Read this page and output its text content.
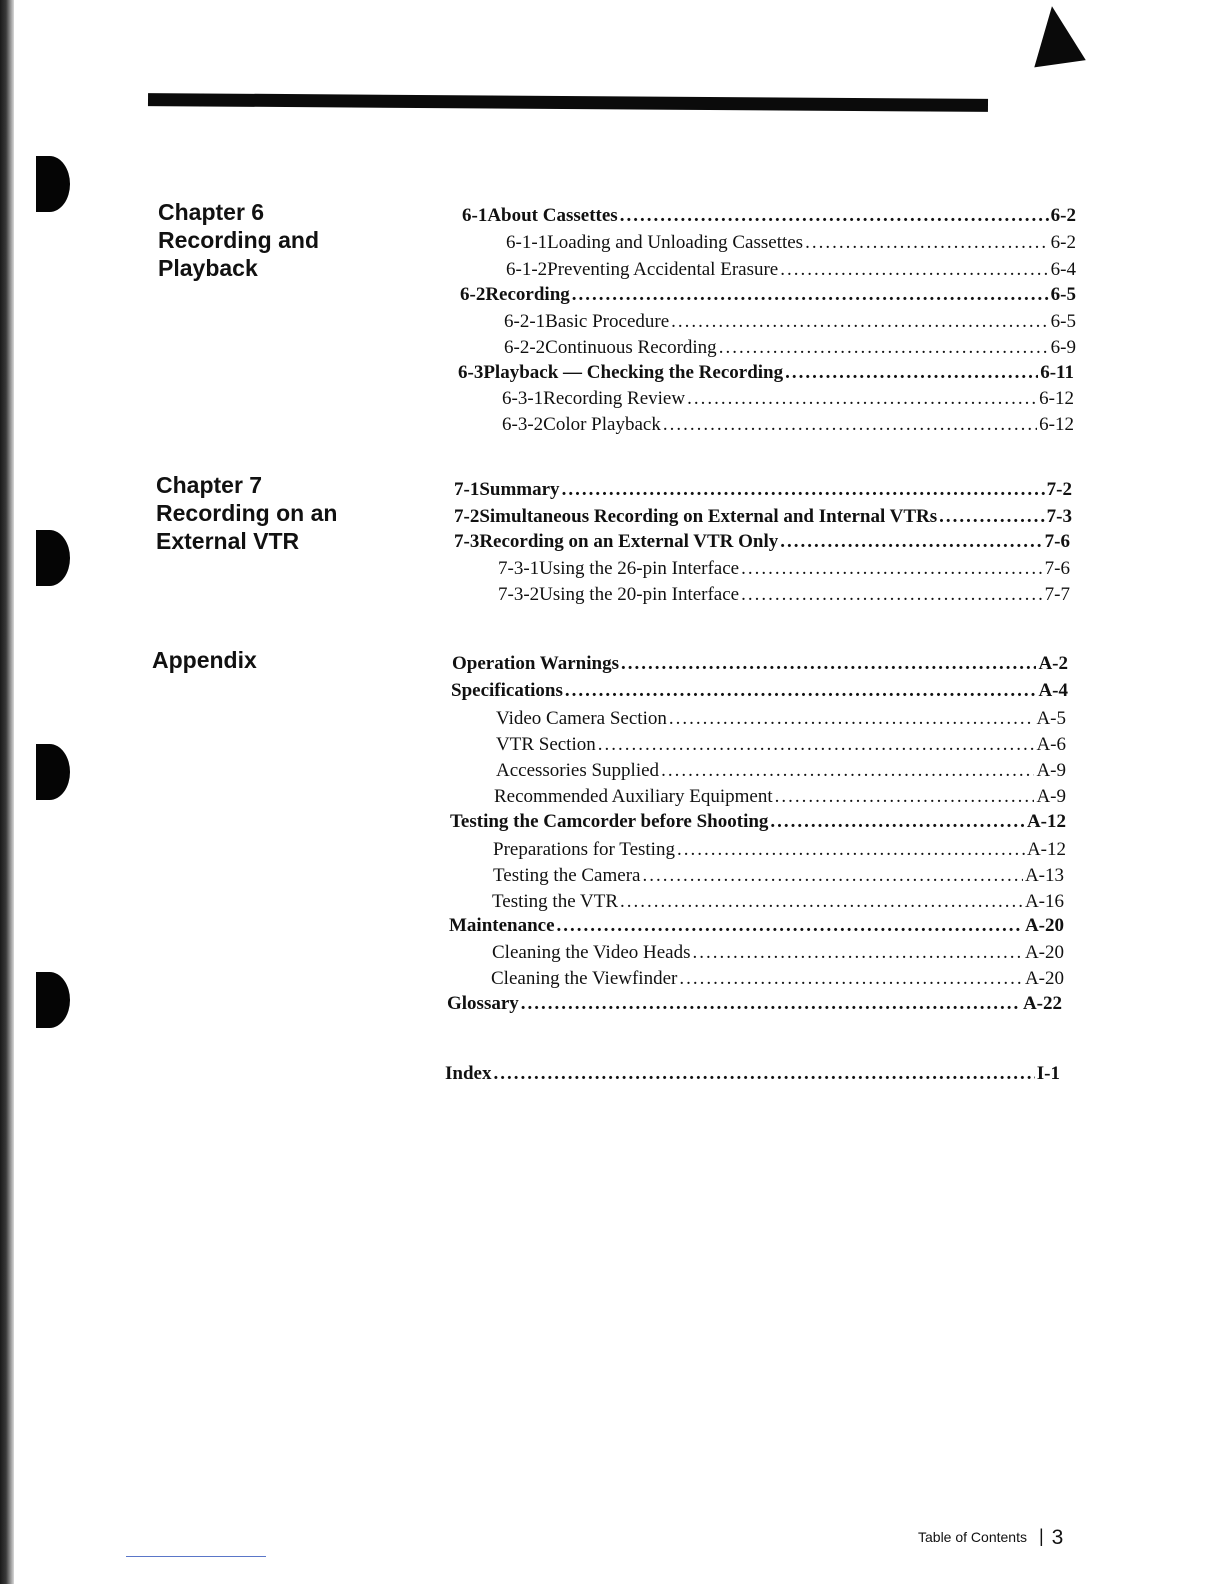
Chapter 6
Recording and
Playback
Chapter 7
Recording on an
External VTR
Appendix
6-1 About Cassettes .....	6-2
6-1-1 Loading and Unloading Cassettes .....	6-2
6-1-2 Preventing Accidental Erasure .....	6-4
6-2 Recording .....	6-5
6-2-1 Basic Procedure .....	6-5
6-2-2 Continuous Recording .....	6-9
6-3 Playback — Checking the Recording .....	6-11
6-3-1 Recording Review .....	6-12
6-3-2 Color Playback .....	6-12
7-1 Summary .....	7-2
7-2 Simultaneous Recording on External and Internal VTRs .....	7-3
7-3 Recording on an External VTR Only .....	7-6
7-3-1 Using the 26-pin Interface .....	7-6
7-3-2 Using the 20-pin Interface .....	7-7
Operation Warnings .....	A-2
Specifications .....	A-4
Video Camera Section .....	A-5
VTR Section .....	A-6
Accessories Supplied .....	A-9
Recommended Auxiliary Equipment .....	A-9
Testing the Camcorder before Shooting .....	A-12
Preparations for Testing .....	A-12
Testing the Camera .....	A-13
Testing the VTR .....	A-16
Maintenance .....	A-20
Cleaning the Video Heads .....	A-20
Cleaning the Viewfinder .....	A-20
Glossary .....	A-22
Index .....	I-1
Table of Contents | 3
